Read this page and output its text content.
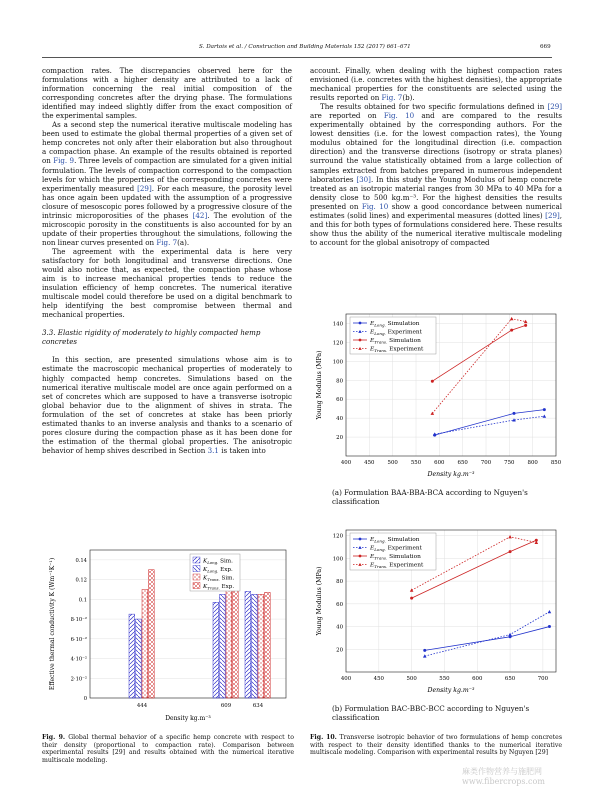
S. Dartois et al. / Construction and Building Materials 152 (2017) 661–671	669

compaction rates. The discrepancies observed here for the formulations with a higher density are attributed to a lack of information concerning the real initial composition of the corresponding concretes after the drying phase. The formulations identified may indeed slightly differ from the exact composition of the experimental samples.

As a second step the numerical iterative multiscale modeling has been used to estimate the global thermal properties of a given set of hemp concretes not only after their elaboration but also throughout a compaction phase. An example of the results obtained is reported on Fig. 9. Three levels of compaction are simulated for a given initial formulation. The levels of compaction correspond to the compaction levels for which the properties of the corresponding concretes were experimentally measured [29]. For each measure, the porosity level has once again been updated with the assumption of a progressive closure of mesoscopic pores followed by a progressive closure of the intrinsic microporosities of the phases [42]. The evolution of the microscopic porosity in the constituents is also accounted for by an update of their properties throughout the simulations, following the non linear curves presented on Fig. 7(a).

The agreement with the experimental data is here very satisfactory for both longitudinal and transverse directions. One would also notice that, as expected, the compaction phase whose aim is to increase mechanical properties tends to reduce the insulation efficiency of hemp concretes. The numerical iterative multiscale model could therefore be used on a digital benchmark to help identifying the best compromise between thermal and mechanical properties.

3.3. Elastic rigidity of moderately to highly compacted hemp concretes

In this section, are presented simulations whose aim is to estimate the macroscopic mechanical properties of moderately to highly compacted hemp concretes. Simulations based on the numerical iterative multiscale model are once again performed on a set of concretes which are supposed to have a transverse isotropic global behavior due to the alignment of shives in strata. The formulation of the set of concretes at stake has been priorly estimated thanks to an inverse analysis and thanks to a scenario of pores closure during the compaction phase as it has been done for the estimation of the thermal global properties. The anisotropic behavior of hemp shives described in Section 3.1 is taken into

account. Finally, when dealing with the highest compaction rates envisioned (i.e. concretes with the highest densities), the appropriate mechanical properties for the constituents are selected using the results reported on Fig. 7(b).

The results obtained for two specific formulations defined in [29] are reported on Fig. 10 and are compared to the results experimentally obtained by the corresponding authors. For the lowest densities (i.e. for the lowest compaction rates), the Young modulus obtained for the longitudinal direction (i.e. compaction direction) and the transverse directions (isotropy or strata planes) surround the value statistically obtained from a large collection of samples extracted from batches prepared in numerous independent laboratories [30]. In this study the Young Modulus of hemp concrete treated as an isotropic material ranges from 30 MPa to 40 MPa for a density close to 500 kg.m⁻³. For the highest densities the results presented on Fig. 10 show a good concordance between numerical estimates (solid lines) and experimental measures (dotted lines) [29], and this for both types of formulations considered here. These results show thus the ability of the numerical iterative multiscale modeling to account for the global anisotropy of compacted

0
2·10⁻²
4·10⁻²
6·10⁻²
8·10⁻²
0.1
0.12
0.14
444	609	634
Density kg.m⁻³
Effective thermal conductivity K (Wm⁻¹K⁻¹)	$K_{Long.}$ Sim.
$K_{Long.}$ Exp.
$K_{Trans.}$ Sim.
$K_{Trans.}$ Exp.
Fig. 9. Global thermal behavior of a specific hemp concrete with respect to their density (proportional to compaction rate). Comparison between experimental results [29] and results obtained with the numerical iterative multiscale modeling.
400 450 500 550 600 650 700 750 800 850
20
40
60
80
100
120
140
Density kg.m⁻³
Young Modulus (MPa)
$E_{Long.}$ Simulation
$E_{Long.}$ Experiment
$E_{Trans.}$ Simulation
$E_{Trans.}$ Experiment
(a) Formulation BAA-BBA-BCA according to Nguyen's classification
400	450	500	550	600	650	700
20
40
60
80
100
120
Density kg.m⁻³
Young Modulus (MPa)
$E_{Long.}$ Simulation
$E_{Long.}$ Experiment
$E_{Trans.}$ Simulation
$E_{Trans.}$ Experiment
(b) Formulation BAC-BBC-BCC according to Nguyen's classification
Fig. 10. Transverse isotropic behavior of two formulations of hemp concretes with respect to their density identified thanks to the numerical iterative multiscale modeling. Comparison with experimental results by Nguyen [29]
麻类作物营养与施肥网 www.fibercrops.com
